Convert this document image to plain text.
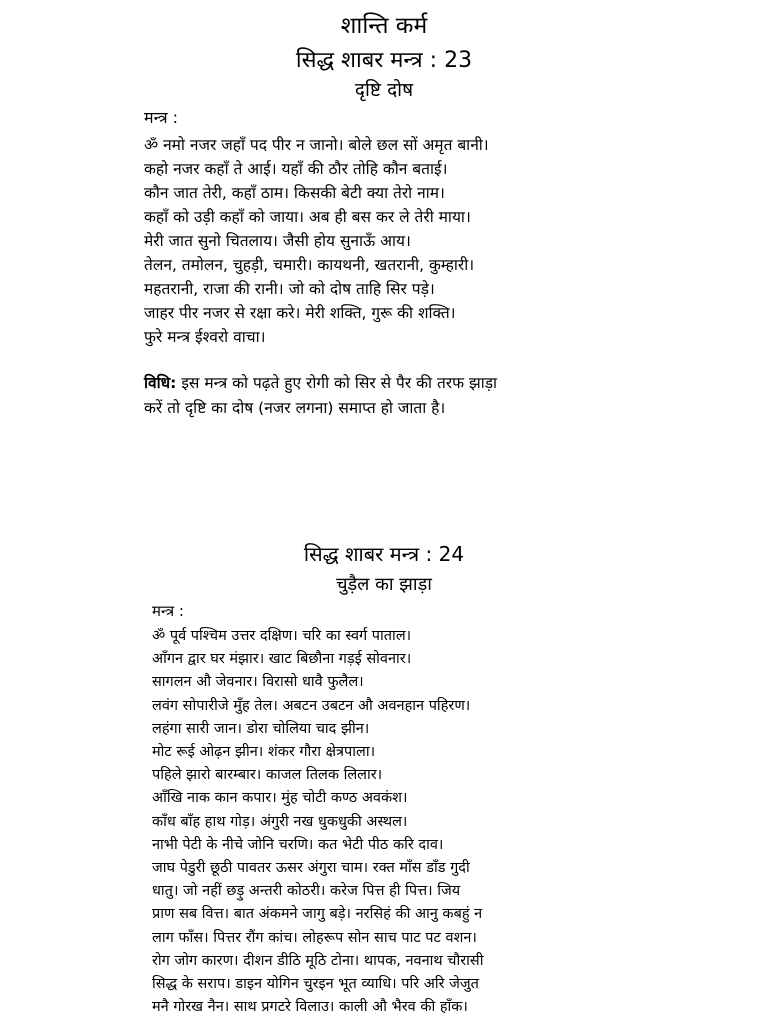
शान्ति कर्म
सिद्ध शाबर मन्त्र : 23
दृष्टि दोष
मन्त्र :
ॐ नमो नजर जहाँ पद पीर न जानो। बोले छल सों अमृत बानी।
कहो नजर कहाँ ते आई। यहाँ की ठौर तोहि कौन बताई।
कौन जात तेरी, कहाँ ठाम। किसकी बेटी क्या तेरो नाम।
कहाँ को उड़ी कहाँ को जाया। अब ही बस कर ले तेरी माया।
मेरी जात सुनो चितलाय। जैसी होय सुनाऊँ आय।
तेलन, तमोलन, चुहड़ी, चमारी। कायथनी, खतरानी, कुम्हारी।
महतरानी, राजा की रानी। जो को दोष ताहि सिर पड़े।
जाहर पीर नजर से रक्षा करे। मेरी शक्ति, गुरू की शक्ति।
फुरे मन्त्र ईश्वरो वाचा।
विधि: इस मन्त्र को पढ़ते हुए रोगी को सिर से पैर की तरफ झाड़ा
करें तो दृष्टि का दोष (नजर लगना) समाप्त हो जाता है।
सिद्ध शाबर मन्त्र : 24
चुड़ैल का झाड़ा
मन्त्र :
ॐ पूर्व पश्चिम उत्तर दक्षिण। चरि का स्वर्ग पाताल।
आँगन द्वार घर मंझार। खाट बिछौना गड़ई सोवनार।
सागलन औ जेवनार। विरासो धावै फुलैल।
लवंग सोपारीजे मुँह तेल। अबटन उबटन औ अवनहान पहिरण।
लहंगा सारी जान। डोरा चोलिया चाद झीन।
मोट रूई ओढ़न झीन। शंकर गौरा क्षेत्रपाला।
पहिले झारो बारम्बार। काजल तिलक लिलार।
आँखि नाक कान कपार। मुंह चोटी कण्ठ अवकंश।
काँध बाँह हाथ गोड़। अंगुरी नख धुकधुकी अस्थल।
नाभी पेटी के नीचे जोनि चरणि। कत भेटी पीठ करि दाव।
जाघ पेडुरी छूठी पावतर ऊसर अंगुरा चाम। रक्त माँस डाँड गुदी
धातु। जो नहीं छड़ु अन्तरी कोठरी। करेज पित्त ही पित्त। जिय
प्राण सब वित्त। बात अंकमने जागु बड़े। नरसिहं की आनु कबहुं न
लाग फाँस। पित्तर रौंग कांच। लोहरूप सोन साच पाट पट वशन।
रोग जोग कारण। दीशन डीठि मूठि टोना। थापक, नवनाथ चौरासी
सिद्ध के सराप। डाइन योगिन चुरइन भूत व्याधि। परि अरि जेजुत
मनै गोरख नैन। साथ प्रगटरे विलाउ। काली औ भैरव की हाँक।
